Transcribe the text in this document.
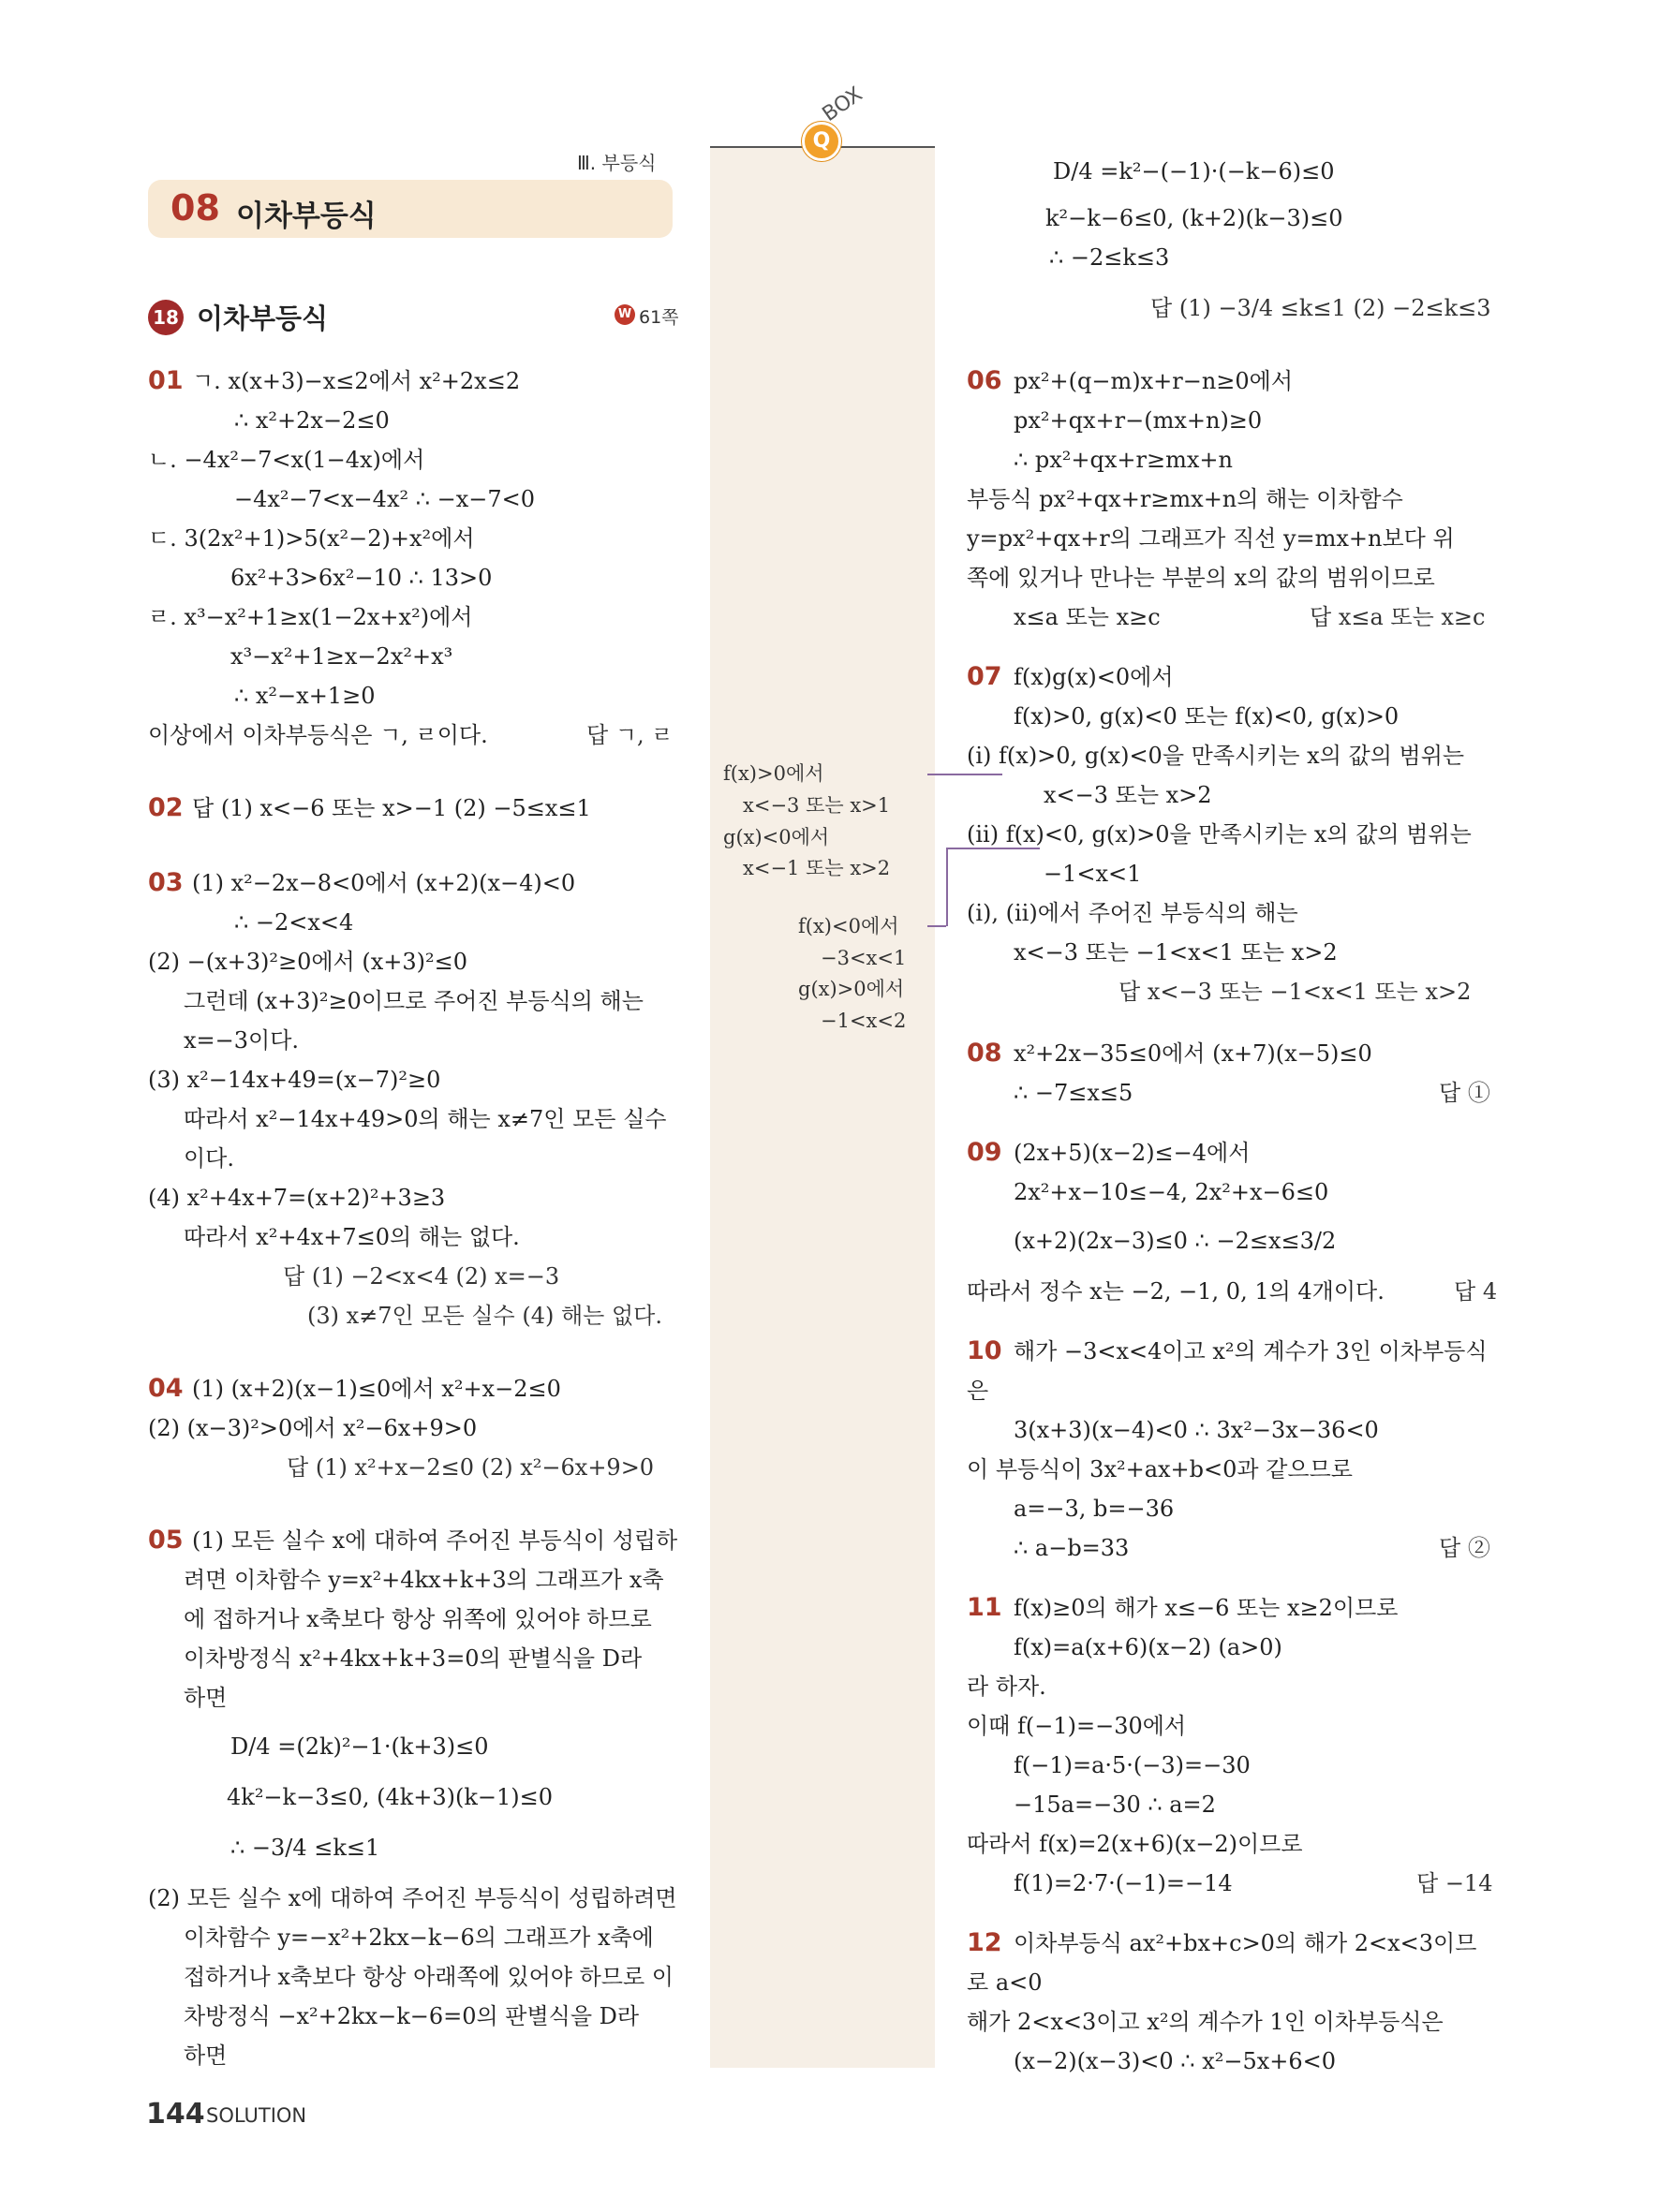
Ⅲ. 부등식
08 이차부등식
18 이차부등식	W 61쪽
Q
BOX
f(x)>0에서
x<−3 또는 x>1
g(x)<0에서
x<−1 또는 x>2
f(x)<0에서
−3<x<1
g(x)>0에서
−1<x<2
01 ㄱ. x(x+3)−x≤2에서 x²+2x≤2
∴ x²+2x−2≤0
ㄴ. −4x²−7<x(1−4x)에서
−4x²−7<x−4x² ∴ −x−7<0
ㄷ. 3(2x²+1)>5(x²−2)+x²에서
6x²+3>6x²−10 ∴ 13>0
ㄹ. x³−x²+1≥x(1−2x+x²)에서
x³−x²+1≥x−2x²+x³
∴ x²−x+1≥0
이상에서 이차부등식은 ㄱ, ㄹ이다.	답 ㄱ, ㄹ
02 답 (1) x<−6 또는 x>−1 (2) −5≤x≤1
03 (1) x²−2x−8<0에서 (x+2)(x−4)<0
∴ −2<x<4
(2) −(x+3)²≥0에서 (x+3)²≤0
그런데 (x+3)²≥0이므로 주어진 부등식의 해는
x=−3이다.
(3) x²−14x+49=(x−7)²≥0
따라서 x²−14x+49>0의 해는 x≠7인 모든 실수
이다.
(4) x²+4x+7=(x+2)²+3≥3
따라서 x²+4x+7≤0의 해는 없다.
답 (1) −2<x<4 (2) x=−3
(3) x≠7인 모든 실수 (4) 해는 없다.
04 (1) (x+2)(x−1)≤0에서 x²+x−2≤0
(2) (x−3)²>0에서 x²−6x+9>0
답 (1) x²+x−2≤0 (2) x²−6x+9>0
05 (1) 모든 실수 x에 대하여 주어진 부등식이 성립하
려면 이차함수 y=x²+4kx+k+3의 그래프가 x축
에 접하거나 x축보다 항상 위쪽에 있어야 하므로
이차방정식 x²+4kx+k+3=0의 판별식을 D라
하면
D/4 =(2k)²−1·(k+3)≤0
4k²−k−3≤0, (4k+3)(k−1)≤0
∴ −3/4 ≤k≤1
(2) 모든 실수 x에 대하여 주어진 부등식이 성립하려면
이차함수 y=−x²+2kx−k−6의 그래프가 x축에
접하거나 x축보다 항상 아래쪽에 있어야 하므로 이
차방정식 −x²+2kx−k−6=0의 판별식을 D라
하면
D/4 =k²−(−1)·(−k−6)≤0
k²−k−6≤0, (k+2)(k−3)≤0
∴ −2≤k≤3
답 (1) −3/4 ≤k≤1 (2) −2≤k≤3
06 px²+(q−m)x+r−n≥0에서
px²+qx+r−(mx+n)≥0
∴ px²+qx+r≥mx+n
부등식 px²+qx+r≥mx+n의 해는 이차함수
y=px²+qx+r의 그래프가 직선 y=mx+n보다 위
쪽에 있거나 만나는 부분의 x의 값의 범위이므로
x≤a 또는 x≥c	답 x≤a 또는 x≥c
07 f(x)g(x)<0에서
f(x)>0, g(x)<0 또는 f(x)<0, g(x)>0
(ⅰ) f(x)>0, g(x)<0을 만족시키는 x의 값의 범위는
x<−3 또는 x>2
(ⅱ) f(x)<0, g(x)>0을 만족시키는 x의 값의 범위는
−1<x<1
(ⅰ), (ⅱ)에서 주어진 부등식의 해는
x<−3 또는 −1<x<1 또는 x>2
답 x<−3 또는 −1<x<1 또는 x>2
08 x²+2x−35≤0에서 (x+7)(x−5)≤0
∴ −7≤x≤5	답 ①
09 (2x+5)(x−2)≤−4에서
2x²+x−10≤−4, 2x²+x−6≤0
(x+2)(2x−3)≤0 ∴ −2≤x≤3/2
따라서 정수 x는 −2, −1, 0, 1의 4개이다.	답 4
10 해가 −3<x<4이고 x²의 계수가 3인 이차부등식
은
3(x+3)(x−4)<0 ∴ 3x²−3x−36<0
이 부등식이 3x²+ax+b<0과 같으므로
a=−3, b=−36
∴ a−b=33	답 ②
11 f(x)≥0의 해가 x≤−6 또는 x≥2이므로
f(x)=a(x+6)(x−2) (a>0)
라 하자.
이때 f(−1)=−30에서
f(−1)=a·5·(−3)=−30
−15a=−30 ∴ a=2
따라서 f(x)=2(x+6)(x−2)이므로
f(1)=2·7·(−1)=−14	답 −14
12 이차부등식 ax²+bx+c>0의 해가 2<x<3이므
로 a<0
해가 2<x<3이고 x²의 계수가 1인 이차부등식은
(x−2)(x−3)<0 ∴ x²−5x+6<0
144 SOLUTION
